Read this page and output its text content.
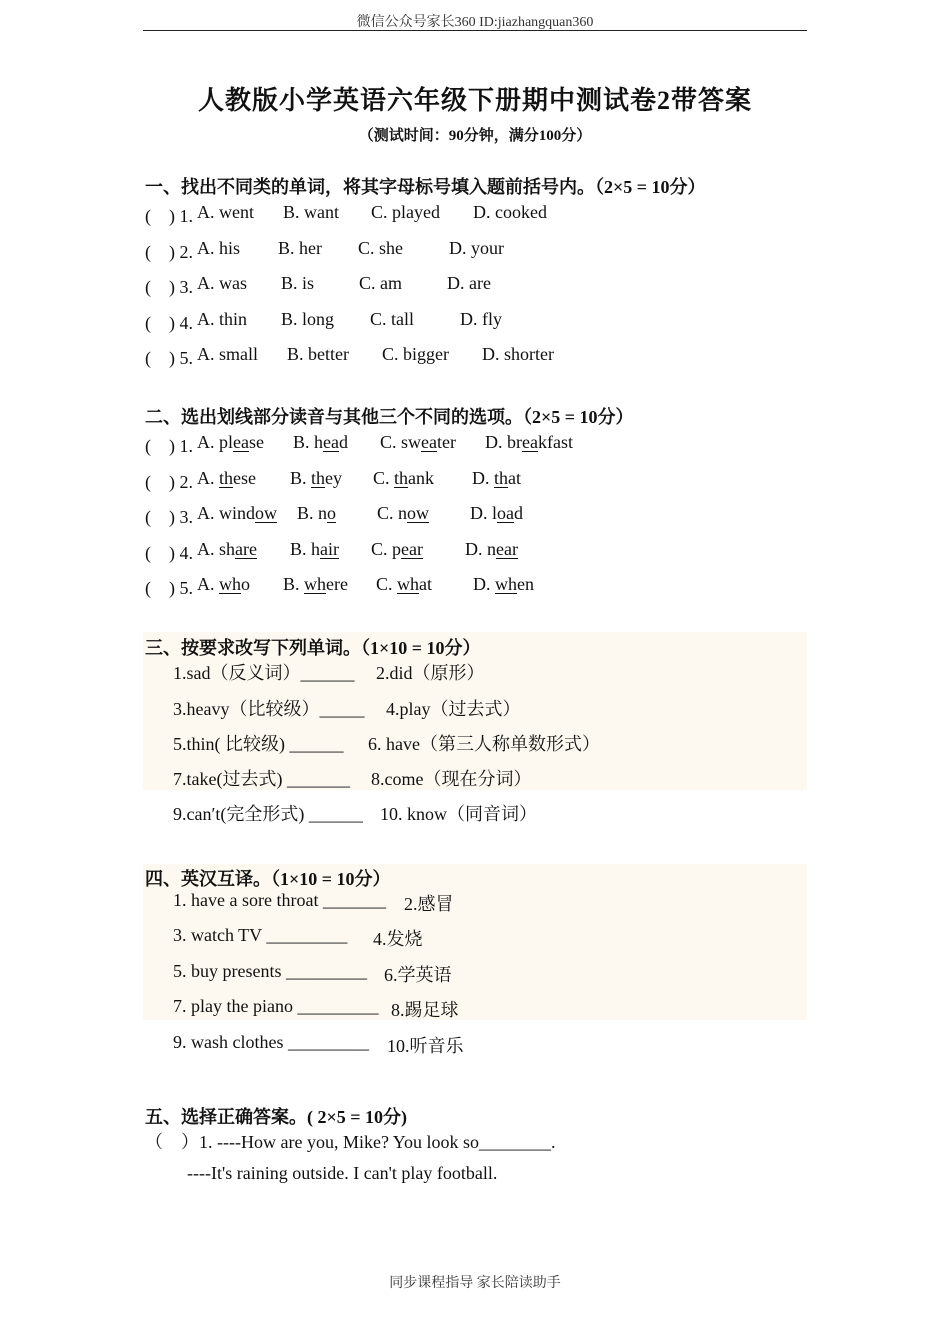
微信公众号家长360 ID:jiazhangquan360
人教版小学英语六年级下册期中测试卷2带答案
（测试时间：90分钟，满分100分）
一、找出不同类的单词，将其字母标号填入题前括号内。（2×5 = 10分）
(　) 1. A. went B. want C. played D. cooked
(　) 2. A. his B. her C. she	D. your
(　) 3. A. was B. is C. am	D. are
(　) 4. A. thin B. long C. tall	D. fly
(　) 5. A. small B. better C. bigger D. shorter
二、选出划线部分读音与其他三个不同的选项。（2×5 = 10分）
(　) 1. A. please B. head C. sweater D. breakfast
(　) 2. A. these B. they C. thank D. that
(　) 3. A. window B. no C. now D. load
(　) 4. A. share B. hair C. pear D. near
(　) 5. A. who B. where C. what D. when
三、按要求改写下列单词。（1×10 = 10分）
1.sad（反义词）______ 2.did（原形）
3.heavy（比较级）_____ 4.play（过去式）
5.thin( 比较级) ______ 6. have（第三人称单数形式）
7.take(过去式) _______ 8.come（现在分词）
9.can′t(完全形式) ______ 10. know（同音词）
四、英汉互译。（1×10 = 10分）
1. have a sore throat _______ 2.感冒
3. watch TV _________ 4.发烧
5. buy presents _________ 6.学英语
7. play the piano _________ 8.踢足球
9. wash clothes _________ 10.听音乐
五、选择正确答案。( 2×5 = 10分)
（　）1. ----How are you, Mike? You look so________.
----It's raining outside. I can't play football.
同步课程指导 家长陪读助手
